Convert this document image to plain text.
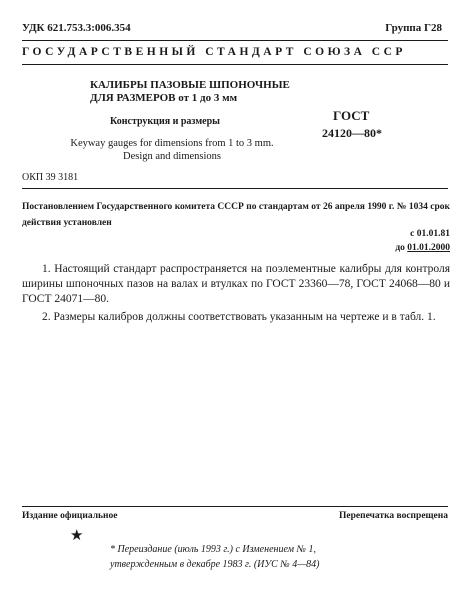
УДК 621.753.3:006.354	Группа Г28
ГОСУДАРСТВЕННЫЙ СТАНДАРТ СОЮЗА ССР
КАЛИБРЫ ПАЗОВЫЕ ШПОНОЧНЫЕ
ДЛЯ РАЗМЕРОВ от 1 до 3 мм
Конструкция и размеры
Keyway gauges for dimensions from 1 to 3 mm.
Design and dimensions
ГОСТ
24120—80*
ОКП 39 3181
Постановлением Государственного комитета СССР по стандартам от 26 апреля 1990 г. № 1034 срок действия установлен
с 01.01.81
до 01.01.2000
1. Настоящий стандарт распространяется на поэлементные калибры для контроля ширины шпоночных пазов на валах и втулках по ГОСТ 23360—78, ГОСТ 24068—80 и ГОСТ 24071—80.
2. Размеры калибров должны соответствовать указанным на чертеже и в табл. 1.
Издание официальное	Перепечатка воспрещена
★
* Переиздание (июль 1993 г.) с Изменением № 1,
утвержденным в декабре 1983 г. (ИУС № 4—84)
